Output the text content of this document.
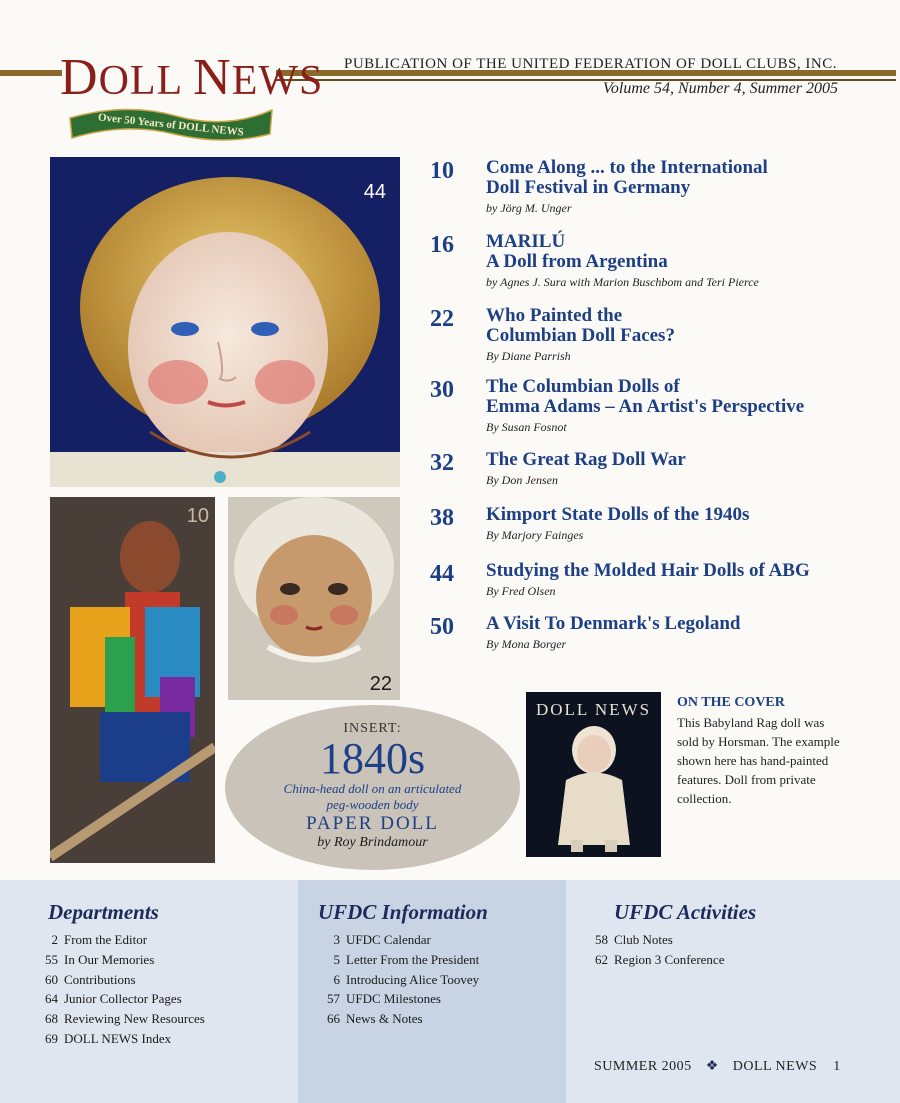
DOLL NEWS PUBLICATION OF THE UNITED FEDERATION OF DOLL CLUBS, INC.
Volume 54, Number 4, Summer 2005
Over 50 Years of DOLL NEWS
44
10
22
10	Come Along ... to the International
Doll Festival in Germany
by Jörg M. Unger
16	MARILÚ
A Doll from Argentina
by Agnes J. Sura with Marion Buschbom and Teri Pierce
22	Who Painted the
Columbian Doll Faces?
By Diane Parrish
30	The Columbian Dolls of
Emma Adams – An Artist's Perspective
By Susan Fosnot
32	The Great Rag Doll War
By Don Jensen
38	Kimport State Dolls of the 1940s
By Marjory Fainges
44	Studying the Molded Hair Dolls of ABG
By Fred Olsen
50	A Visit To Denmark's Legoland
By Mona Borger
INSERT:
1840s
China-head doll on an articulated
peg-wooden body
PAPER DOLL
by Roy Brindamour
DOLL NEWS	ON THE COVER
This Babyland Rag doll was sold by Horsman. The example shown here has hand-painted features. Doll from private collection.
Departments
2 From the Editor
55 In Our Memories
60 Contributions
64 Junior Collector Pages
68 Reviewing New Resources
69 DOLL NEWS Index
UFDC Information
3 UFDC Calendar
5 Letter From the President
6 Introducing Alice Toovey
57 UFDC Milestones
66 News & Notes
UFDC Activities
58 Club Notes
62 Region 3 Conference
SUMMER 2005 ❖ DOLL NEWS 1
